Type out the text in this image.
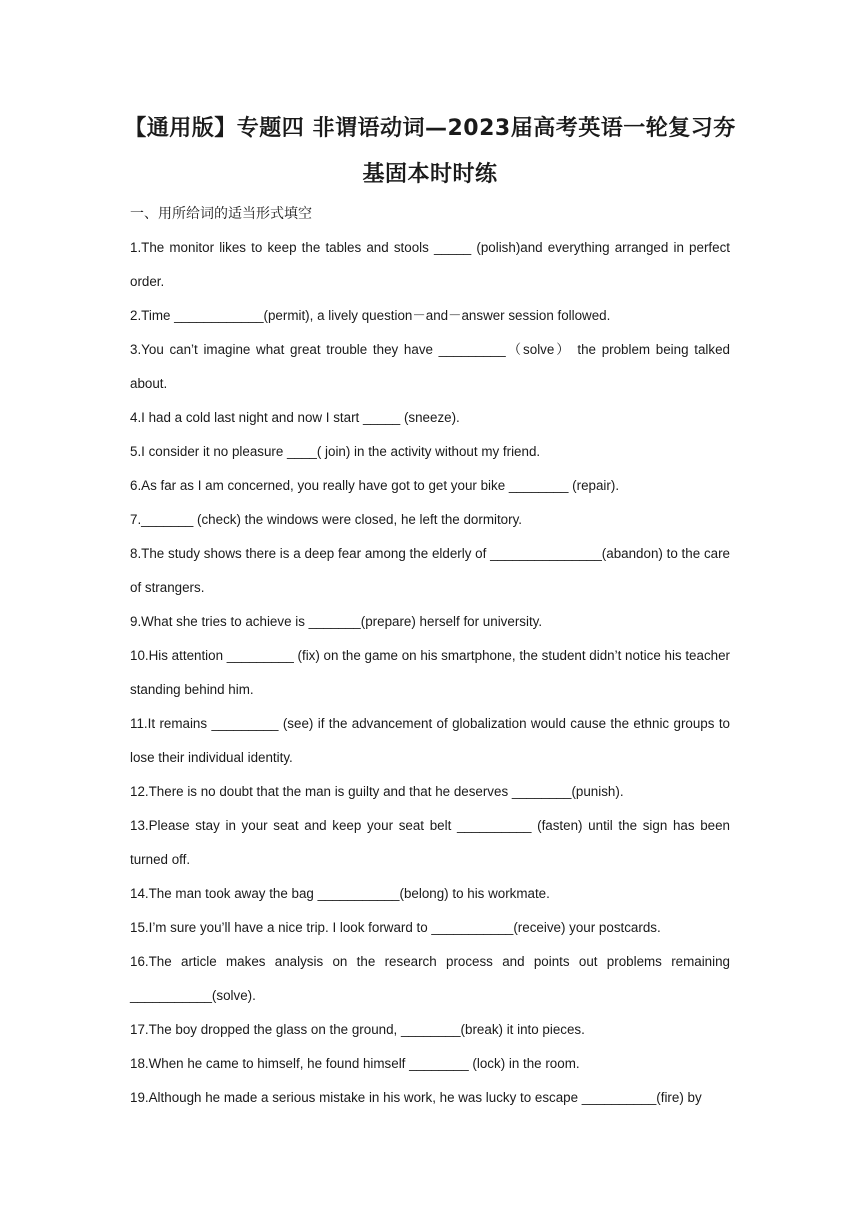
【通用版】专题四 非谓语动词—2023届高考英语一轮复习夯基固本时时练
一、用所给词的适当形式填空

1.The monitor likes to keep the tables and stools _____ (polish)and everything arranged in perfect order.

2.Time ____________(permit), a lively question－and－answer session followed.

3.You can’t imagine what great trouble they have _________（solve） the problem being talked about.

4.I had a cold last night and now I start _____ (sneeze).

5.I consider it no pleasure ____( join) in the activity without my friend.

6.As far as I am concerned, you really have got to get your bike ________ (repair).

7._______ (check) the windows were closed, he left the dormitory.

8.The study shows there is a deep fear among the elderly of _______________(abandon) to the care of strangers.

9.What she tries to achieve is _______(prepare) herself for university.

10.His attention _________ (fix) on the game on his smartphone, the student didn’t notice his teacher standing behind him.

11.It remains _________ (see) if the advancement of globalization would cause the ethnic groups to lose their individual identity.

12.There is no doubt that the man is guilty and that he deserves ________(punish).

13.Please stay in your seat and keep your seat belt __________ (fasten) until the sign has been turned off.

14.The man took away the bag ___________(belong) to his workmate.

15.I’m sure you’ll have a nice trip. I look forward to ___________(receive) your postcards.

16.The article makes analysis on the research process and points out problems remaining ___________(solve).

17.The boy dropped the glass on the ground, ________(break) it into pieces.

18.When he came to himself, he found himself ________ (lock) in the room.

19.Although he made a serious mistake in his work, he was lucky to escape __________(fire) by
